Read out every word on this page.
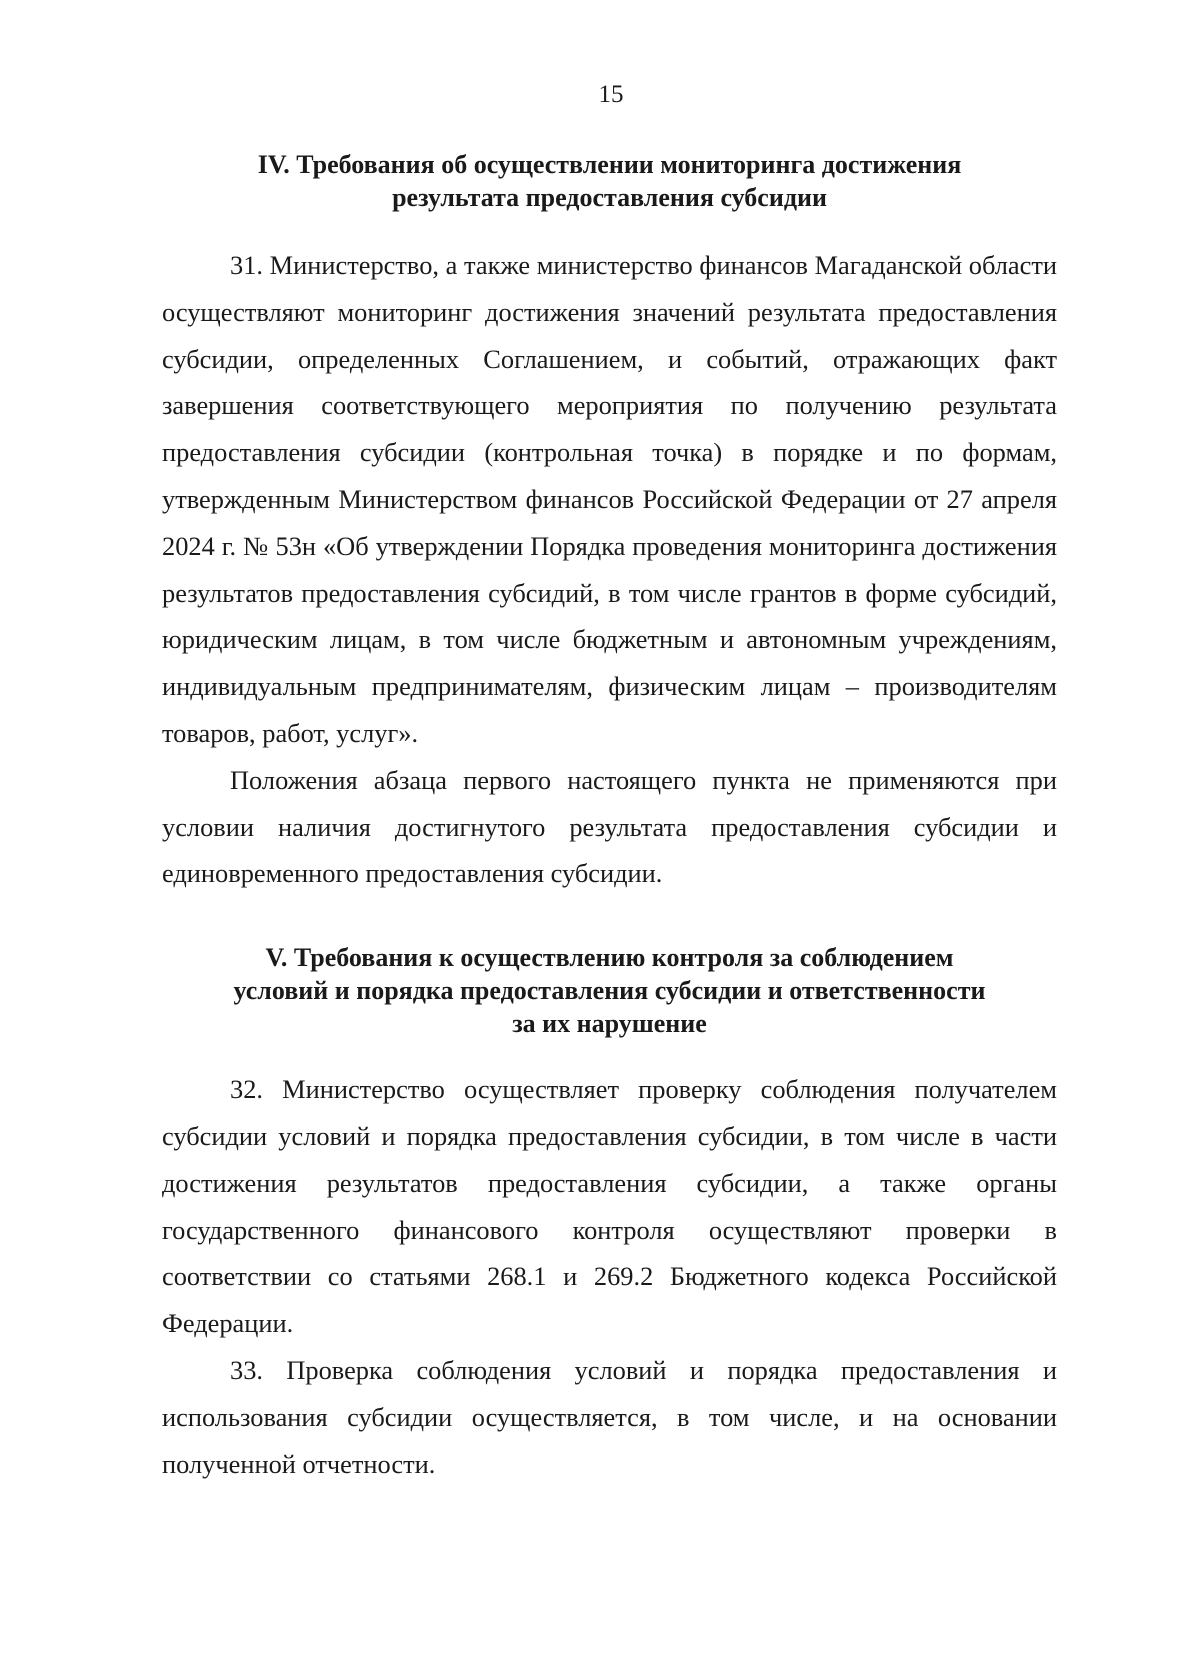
15
IV. Требования об осуществлении мониторинга достижения
результата предоставления субсидии

31. Министерство, а также министерство финансов Магаданской области осуществляют мониторинг достижения значений результата предоставления субсидии, определенных Соглашением, и событий, отражающих факт завершения соответствующего мероприятия по получению результата предоставления субсидии (контрольная точка) в порядке и по формам, утвержденным Министерством финансов Российской Федерации от 27 апреля 2024 г. № 53н «Об утверждении Порядка проведения мониторинга достижения результатов предоставления субсидий, в том числе грантов в форме субсидий, юридическим лицам, в том числе бюджетным и автономным учреждениям, индивидуальным предпринимателям, физическим лицам – производителям товаров, работ, услуг».

Положения абзаца первого настоящего пункта не применяются при условии наличия достигнутого результата предоставления субсидии и единовременного предоставления субсидии.

V. Требования к осуществлению контроля за соблюдением
условий и порядка предоставления субсидии и ответственности
за их нарушение

32. Министерство осуществляет проверку соблюдения получателем субсидии условий и порядка предоставления субсидии, в том числе в части достижения результатов предоставления субсидии, а также органы государственного финансового контроля осуществляют проверки в соответствии со статьями 268.1 и 269.2 Бюджетного кодекса Российской Федерации.

33. Проверка соблюдения условий и порядка предоставления и использования субсидии осуществляется, в том числе, и на основании полученной отчетности.
